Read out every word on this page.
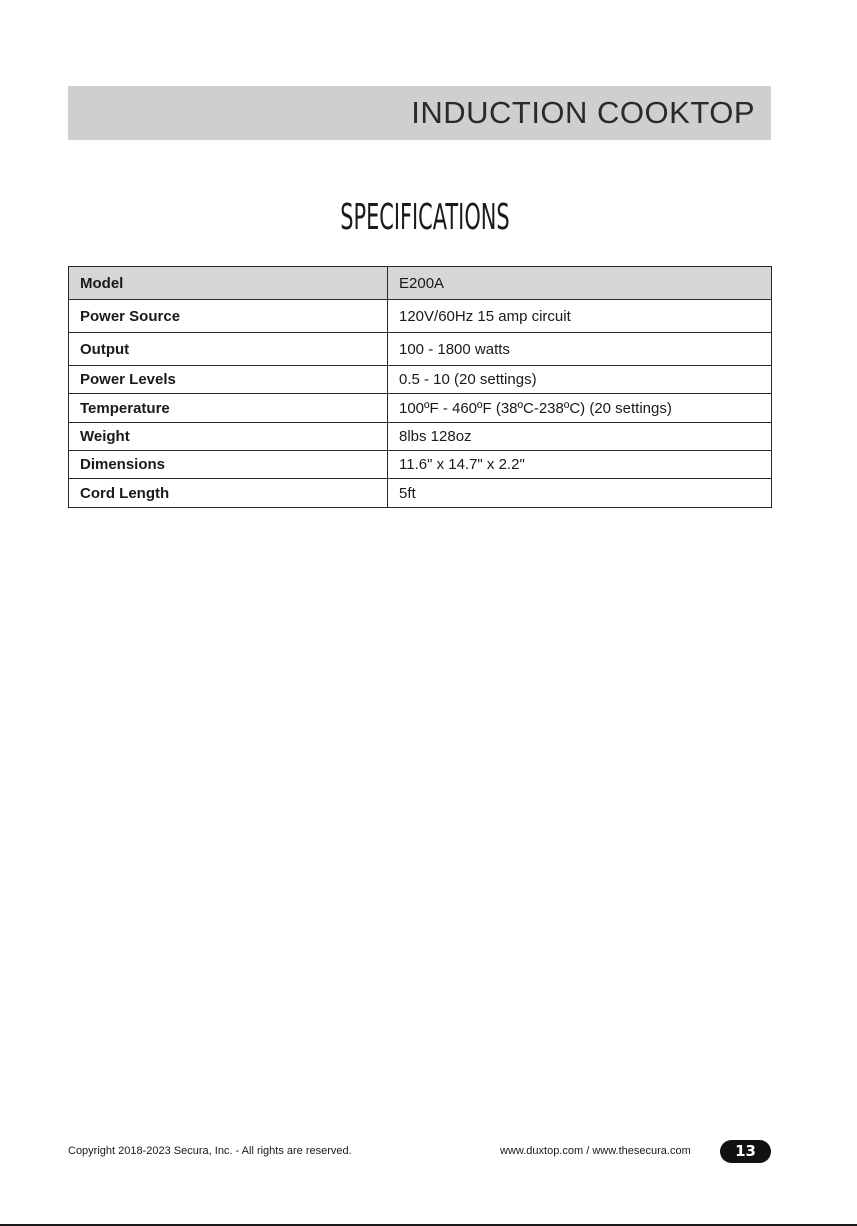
INDUCTION COOKTOP
SPECIFICATIONS
Model	E200A
Power Source	120V/60Hz 15 amp circuit
Output	100 - 1800 watts
Power Levels	0.5 - 10 (20 settings)
Temperature	100ºF - 460ºF (38ºC-238ºC) (20 settings)
Weight	8lbs 128oz
Dimensions	11.6" x 14.7" x 2.2"
Cord Length	5ft
Copyright 2018-2023 Secura, Inc. - All rights are reserved.	www.duxtop.com / www.thesecura.com	13
